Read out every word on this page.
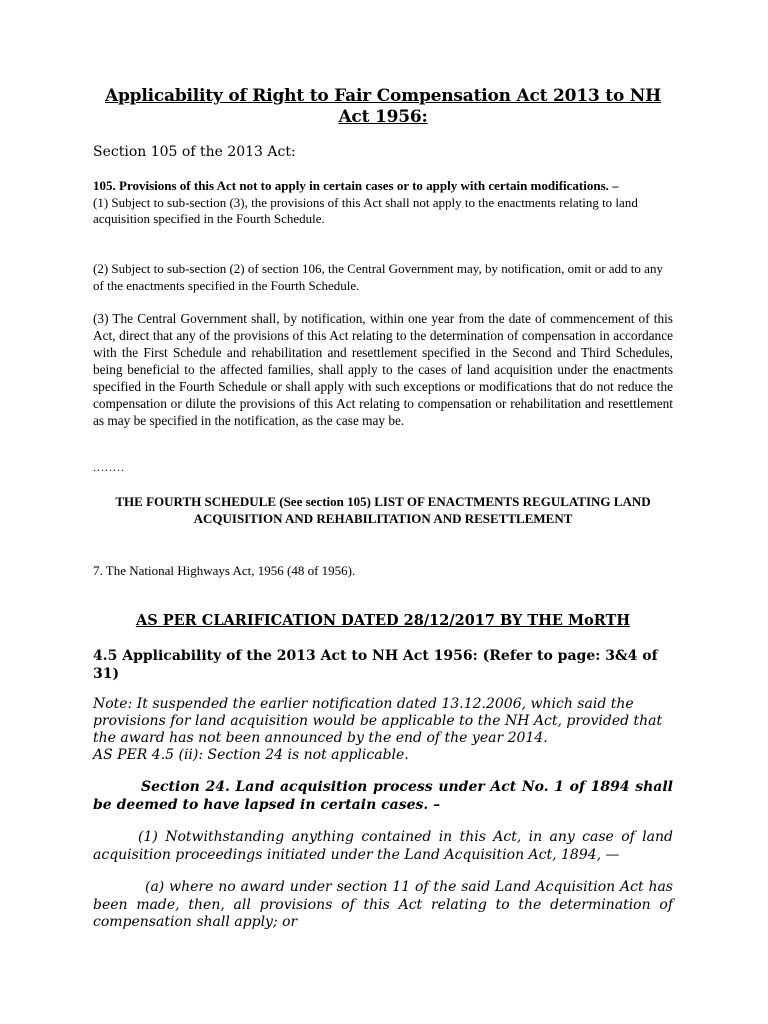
Applicability of Right to Fair Compensation Act 2013 to NH Act 1956:

Section 105 of the 2013 Act:

105. Provisions of this Act not to apply in certain cases or to apply with certain modifications. –
(1) Subject to sub-section (3), the provisions of this Act shall not apply to the enactments relating to land acquisition specified in the Fourth Schedule.

(2) Subject to sub-section (2) of section 106, the Central Government may, by notification, omit or add to any of the enactments specified in the Fourth Schedule.

(3) The Central Government shall, by notification, within one year from the date of commencement of this Act, direct that any of the provisions of this Act relating to the determination of compensation in accordance with the First Schedule and rehabilitation and resettlement specified in the Second and Third Schedules, being beneficial to the affected families, shall apply to the cases of land acquisition under the enactments specified in the Fourth Schedule or shall apply with such exceptions or modifications that do not reduce the compensation or dilute the provisions of this Act relating to compensation or rehabilitation and resettlement as may be specified in the notification, as the case may be.

........

THE FOURTH SCHEDULE (See section 105) LIST OF ENACTMENTS REGULATING LAND ACQUISITION AND REHABILITATION AND RESETTLEMENT

7. The National Highways Act, 1956 (48 of 1956).

AS PER CLARIFICATION DATED 28/12/2017 BY THE MoRTH

4.5 Applicability of the 2013 Act to NH Act 1956: (Refer to page: 3&4 of 31)

Note: It suspended the earlier notification dated 13.12.2006, which said the provisions for land acquisition would be applicable to the NH Act, provided that the award has not been announced by the end of the year 2014.
AS PER 4.5 (ii): Section 24 is not applicable.

Section 24. Land acquisition process under Act No. 1 of 1894 shall be deemed to have lapsed in certain cases. –

(1) Notwithstanding anything contained in this Act, in any case of land acquisition proceedings initiated under the Land Acquisition Act, 1894, —

(a) where no award under section 11 of the said Land Acquisition Act has been made, then, all provisions of this Act relating to the determination of compensation shall apply; or
